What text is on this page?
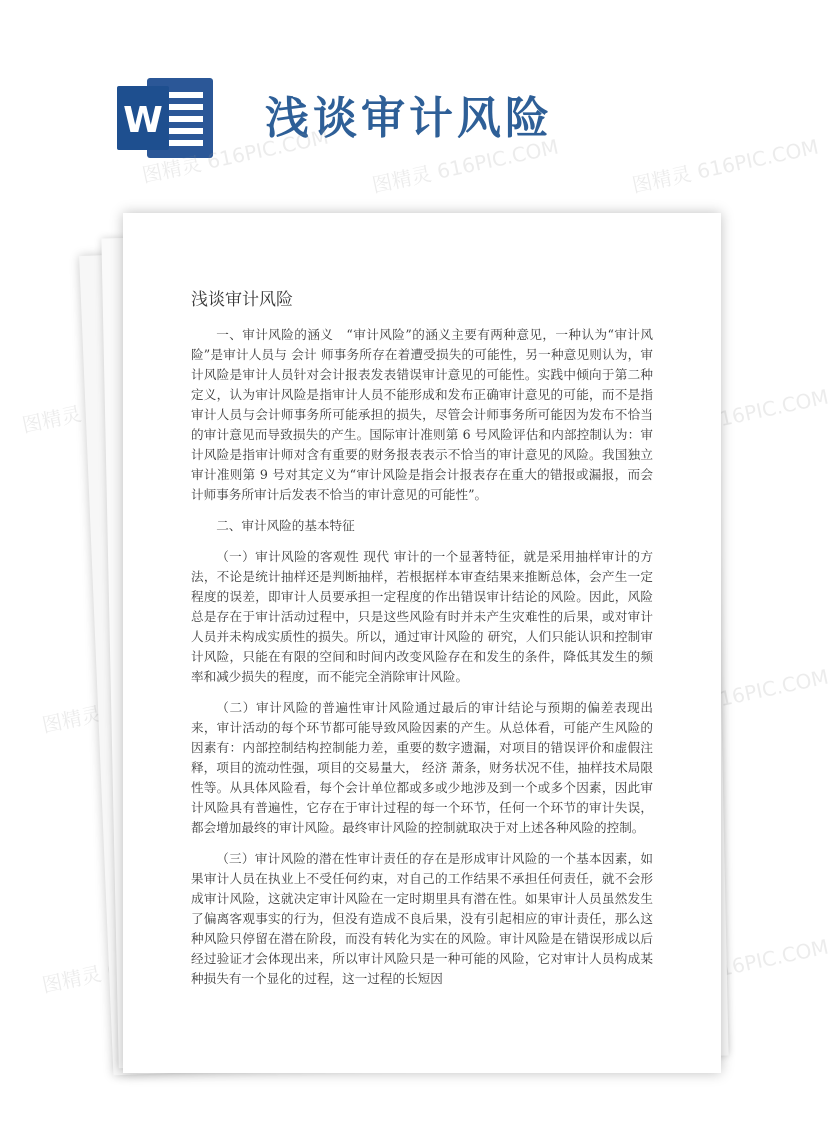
W 浅谈审计风险
图精灵 616PIC.COM 图精灵 616PIC.COM	图精灵 616PIC.COM
图精灵	图精灵 616PIC.COM
图精灵	图精灵 616PIC.COM
图精灵	图精灵 616PIC.COM
浅谈审计风险

一、审计风险的涵义　“审计风险”的涵义主要有两种意见，一种认为“审计风险”是审计人员与 会计 师事务所存在着遭受损失的可能性，另一种意见则认为，审计风险是审计人员针对会计报表发表错误审计意见的可能性。实践中倾向于第二种定义，认为审计风险是指审计人员不能形成和发布正确审计意见的可能，而不是指审计人员与会计师事务所可能承担的损失，尽管会计师事务所可能因为发布不恰当的审计意见而导致损失的产生。国际审计准则第 6 号风险评估和内部控制认为：审计风险是指审计师对含有重要的财务报表表示不恰当的审计意见的风险。我国独立审计准则第 9 号对其定义为“审计风险是指会计报表存在重大的错报或漏报，而会计师事务所审计后发表不恰当的审计意见的可能性”。

二、审计风险的基本特征

（一）审计风险的客观性 现代 审计的一个显著特征，就是采用抽样审计的方法，不论是统计抽样还是判断抽样，若根据样本审查结果来推断总体，会产生一定程度的误差，即审计人员要承担一定程度的作出错误审计结论的风险。因此，风险总是存在于审计活动过程中，只是这些风险有时并未产生灾难性的后果，或对审计人员并未构成实质性的损失。所以，通过审计风险的 研究，人们只能认识和控制审计风险，只能在有限的空间和时间内改变风险存在和发生的条件，降低其发生的频率和减少损失的程度，而不能完全消除审计风险。

（二）审计风险的普遍性审计风险通过最后的审计结论与预期的偏差表现出来，审计活动的每个环节都可能导致风险因素的产生。从总体看，可能产生风险的因素有：内部控制结构控制能力差，重要的数字遗漏，对项目的错误评价和虚假注释，项目的流动性强，项目的交易量大， 经济 萧条，财务状况不佳，抽样技术局限性等。从具体风险看，每个会计单位都或多或少地涉及到一个或多个因素，因此审计风险具有普遍性，它存在于审计过程的每一个环节，任何一个环节的审计失误，都会增加最终的审计风险。最终审计风险的控制就取决于对上述各种风险的控制。

（三）审计风险的潜在性审计责任的存在是形成审计风险的一个基本因素，如果审计人员在执业上不受任何约束，对自己的工作结果不承担任何责任，就不会形成审计风险，这就决定审计风险在一定时期里具有潜在性。如果审计人员虽然发生了偏离客观事实的行为，但没有造成不良后果，没有引起相应的审计责任，那么这种风险只停留在潜在阶段，而没有转化为实在的风险。审计风险是在错误形成以后经过验证才会体现出来，所以审计风险只是一种可能的风险，它对审计人员构成某种损失有一个显化的过程，这一过程的长短因
